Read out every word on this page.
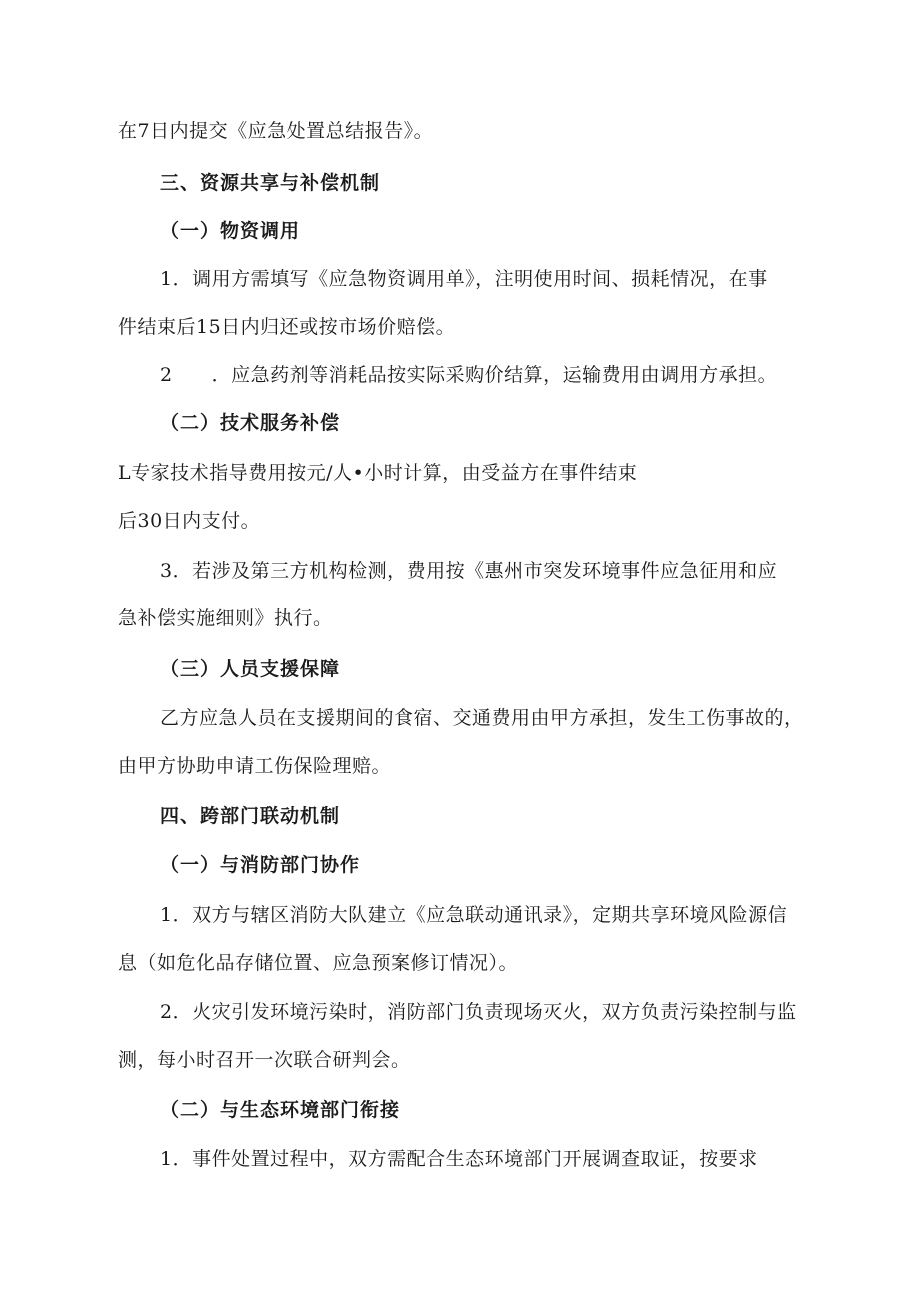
在7日内提交《应急处置总结报告》。
三、资源共享与补偿机制
（一）物资调用
1．调用方需填写《应急物资调用单》，注明使用时间、损耗情况，在事
件结束后15日内归还或按市场价赔偿。
2　　．应急药剂等消耗品按实际采购价结算，运输费用由调用方承担。
（二）技术服务补偿
L专家技术指导费用按元/人•小时计算，由受益方在事件结束
后30日内支付。
3．若涉及第三方机构检测，费用按《惠州市突发环境事件应急征用和应
急补偿实施细则》执行。
（三）人员支援保障
乙方应急人员在支援期间的食宿、交通费用由甲方承担，发生工伤事故的，
由甲方协助申请工伤保险理赔。
四、跨部门联动机制
（一）与消防部门协作
1．双方与辖区消防大队建立《应急联动通讯录》，定期共享环境风险源信
息（如危化品存储位置、应急预案修订情况）。
2．火灾引发环境污染时，消防部门负责现场灭火，双方负责污染控制与监
测，每小时召开一次联合研判会。
（二）与生态环境部门衔接
1．事件处置过程中，双方需配合生态环境部门开展调查取证，按要求
